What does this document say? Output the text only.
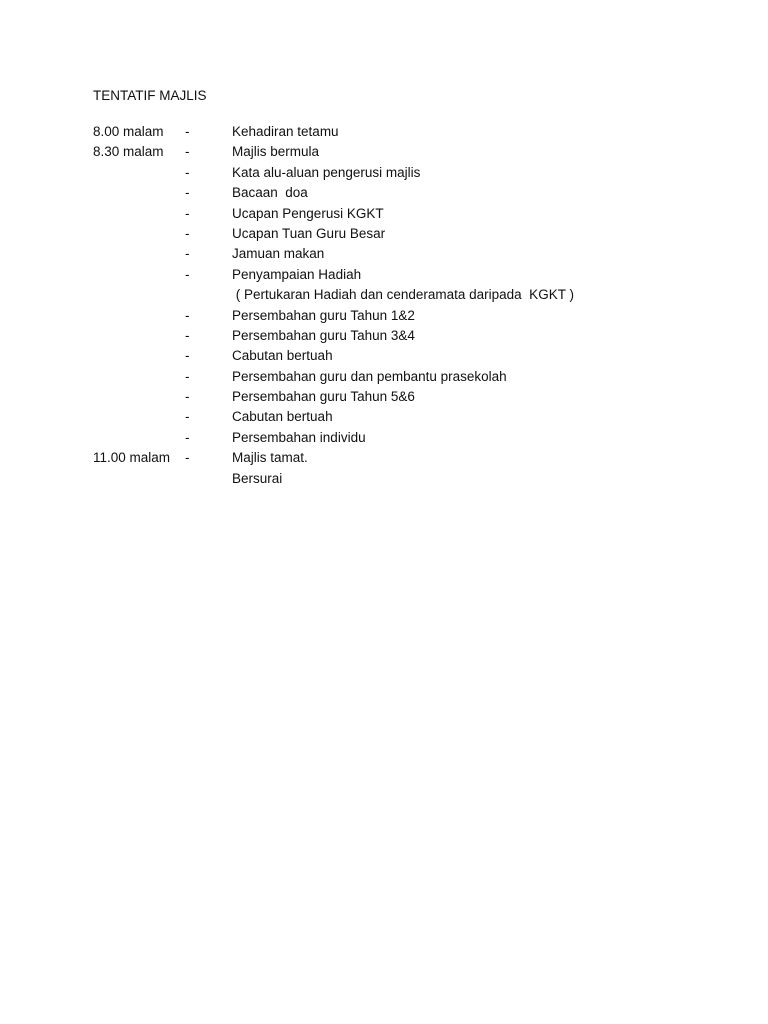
TENTATIF MAJLIS
8.00 malam -	Kehadiran tetamu
8.30 malam -	Majlis bermula
-	Kata alu-aluan pengerusi majlis
-	Bacaan  doa
-	Ucapan Pengerusi KGKT
-	Ucapan Tuan Guru Besar
-	Jamuan makan
-	Penyampaian Hadiah
( Pertukaran Hadiah dan cenderamata daripada  KGKT )
-	Persembahan guru Tahun 1&2
-	Persembahan guru Tahun 3&4
-	Cabutan bertuah
-	Persembahan guru dan pembantu prasekolah
-	Persembahan guru Tahun 5&6
-	Cabutan bertuah
-	Persembahan individu
11.00 malam -	Majlis tamat.
Bersurai
